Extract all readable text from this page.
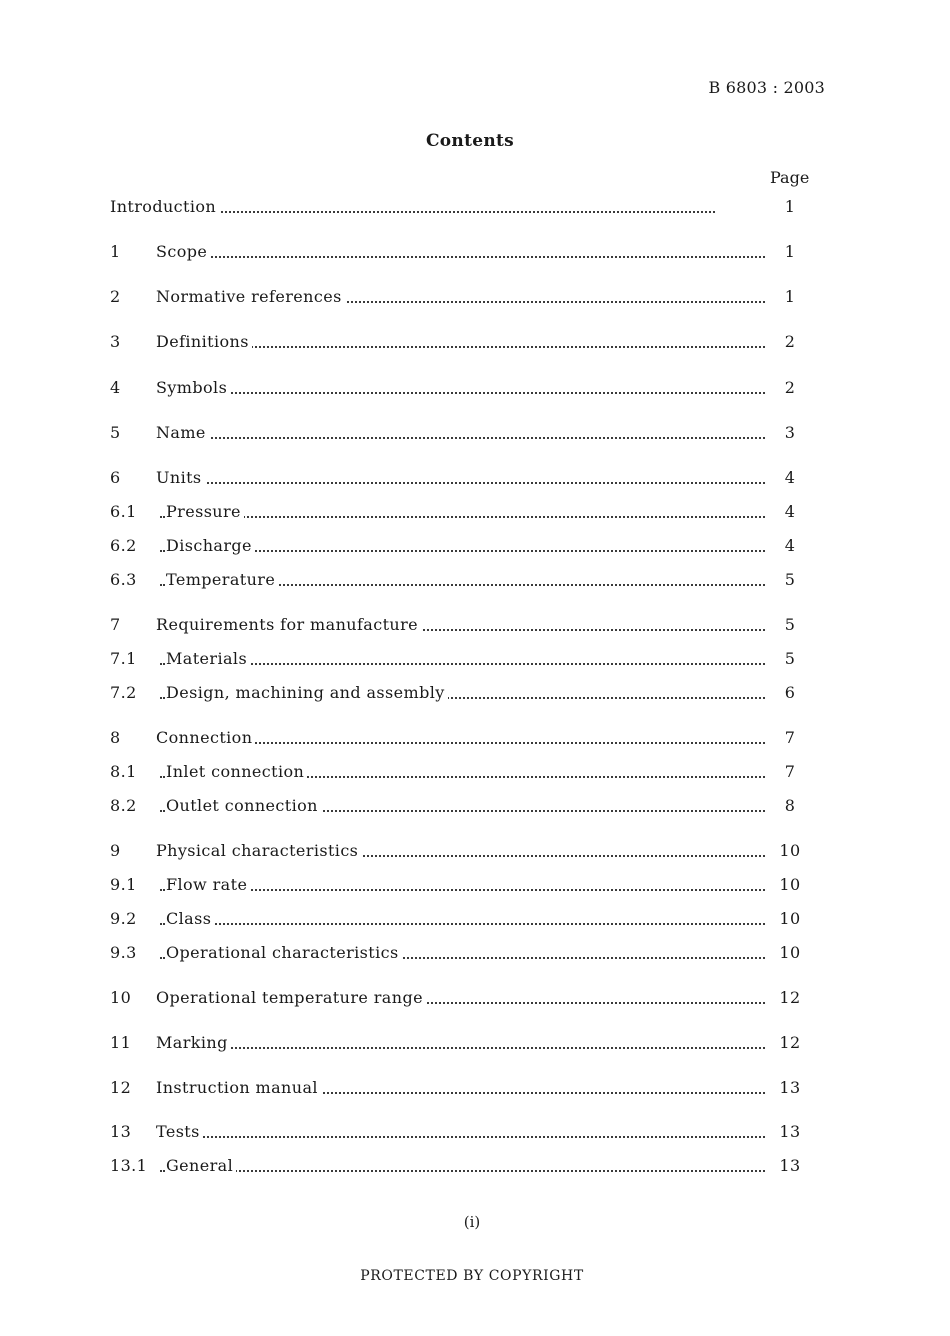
B 6803 : 2003
Contents
Page
Introduction	1
1	Scope	1
2	Normative references	1
3	Definitions	2
4	Symbols	2
5	Name	3
6	Units	4
6.1	Pressure	4
6.2	Discharge	4
6.3	Temperature	5
7	Requirements for manufacture	5
7.1	Materials	5
7.2	Design, machining and assembly	6
8	Connection	7
8.1	Inlet connection	7
8.2	Outlet connection	8
9	Physical characteristics	10
9.1	Flow rate	10
9.2	Class	10
9.3	Operational characteristics	10
10	Operational temperature range	12
11	Marking	12
12	Instruction manual	13
13	Tests	13
13.1	General	13
(i)
PROTECTED BY COPYRIGHT
